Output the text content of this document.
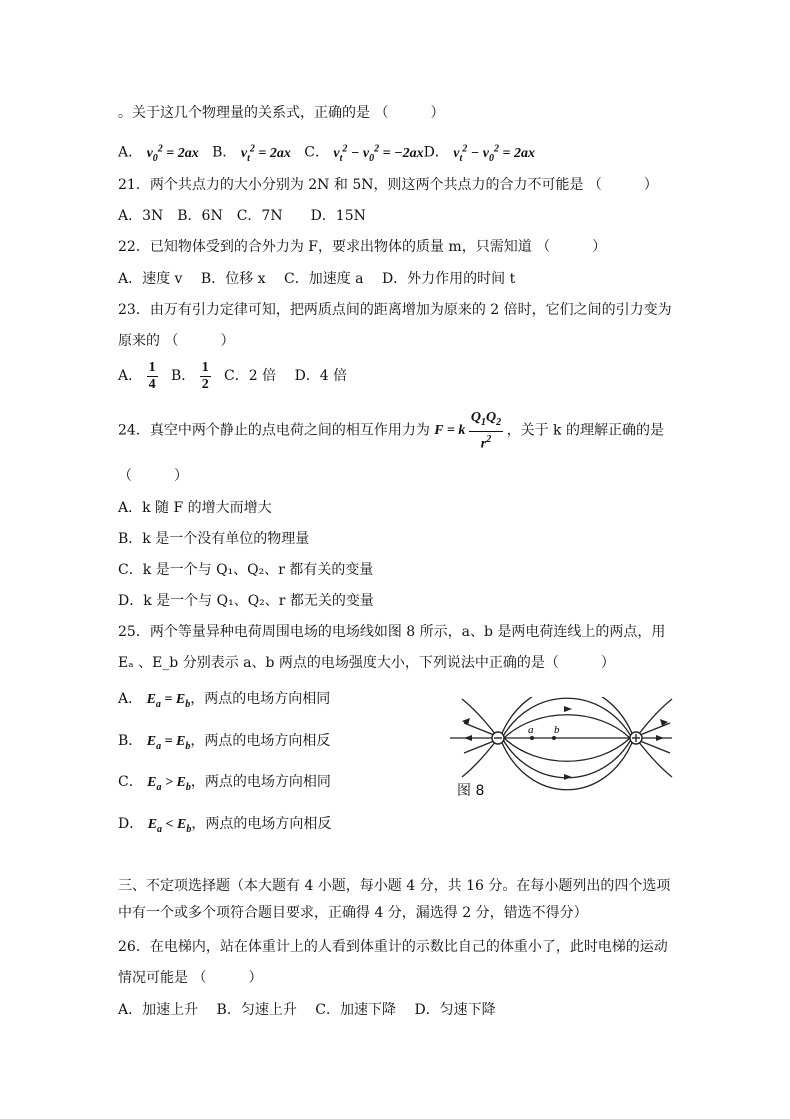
。关于这几个物理量的关系式，正确的是 （　　　）
A． $v_0^2 = 2ax$ B． $v_t^2 = 2ax$ C． $v_t^2 - v_0^2 = -2axD$． $v_t^2 - v_0^2 = 2ax$
21．两个共点力的大小分别为 2N 和 5N，则这两个共点力的合力不可能是 （　　　）
A．3N　B．6N　C．7N　　D．15N
22．已知物体受到的合外力为 F，要求出物体的质量 m，只需知道 （　　　）
A．速度 v　 B．位移 x　 C．加速度 a　 D．外力作用的时间 t
23．由万有引力定律可知，把两质点间的距离增加为原来的 2 倍时，它们之间的引力变为
原来的 （　　　）
A． $\frac{1}{4}$ B． $\frac{1}{2}$ C．2 倍　 D．4 倍
24．真空中两个静止的点电荷之间的相互作用力为 F = k $\frac{Q_1Q_2}{r^2}$ ，关于 k 的理解正确的是
（　　　）
A．k 随 F 的增大而增大
B．k 是一个没有单位的物理量
C．k 是一个与 Q₁、Q₂、r 都有关的变量
D．k 是一个与 Q₁、Q₂、r 都无关的变量
25．两个等量异种电荷周围电场的电场线如图 8 所示，a、b 是两电荷连线上的两点，用
Eₐ 、E_b 分别表示 a、b 两点的电场强度大小，下列说法中正确的是（　　　）
A． $E_a = E_b$，两点的电场方向相同
B． $E_a = E_b$，两点的电场方向相反
C． $E_a > E_b$，两点的电场方向相同
D． $E_a < E_b$，两点的电场方向相反
a b
图 8
三、不定项选择题（本大题有 4 小题，每小题 4 分，共 16 分。在每小题列出的四个选项
中有一个或多个项符合题目要求，正确得 4 分，漏选得 2 分，错选不得分）
26．在电梯内，站在体重计上的人看到体重计的示数比自己的体重小了，此时电梯的运动
情况可能是 （　　　）
A．加速上升　 B．匀速上升　 C．加速下降　 D．匀速下降
